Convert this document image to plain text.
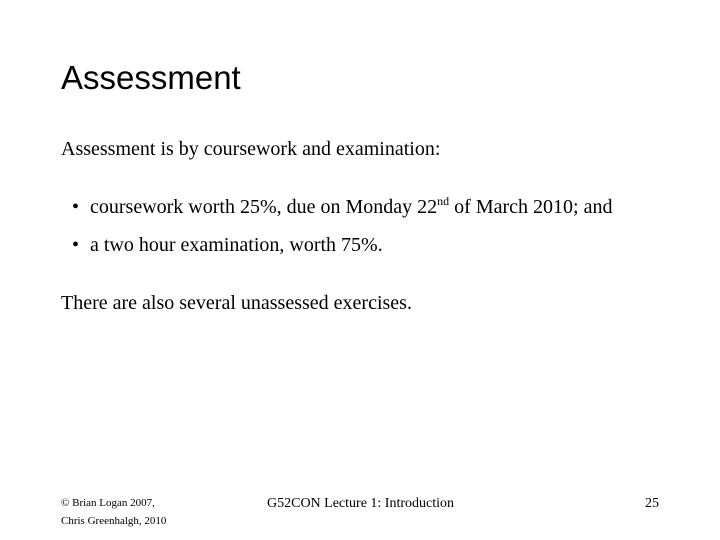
Assessment
Assessment is by coursework and examination:
• coursework worth 25%, due on Monday 22nd of March 2010; and
• a two hour examination, worth 75%.
There are also several unassessed exercises.
© Brian Logan 2007,
Chris Greenhalgh, 2010
G52CON Lecture 1: Introduction	25
